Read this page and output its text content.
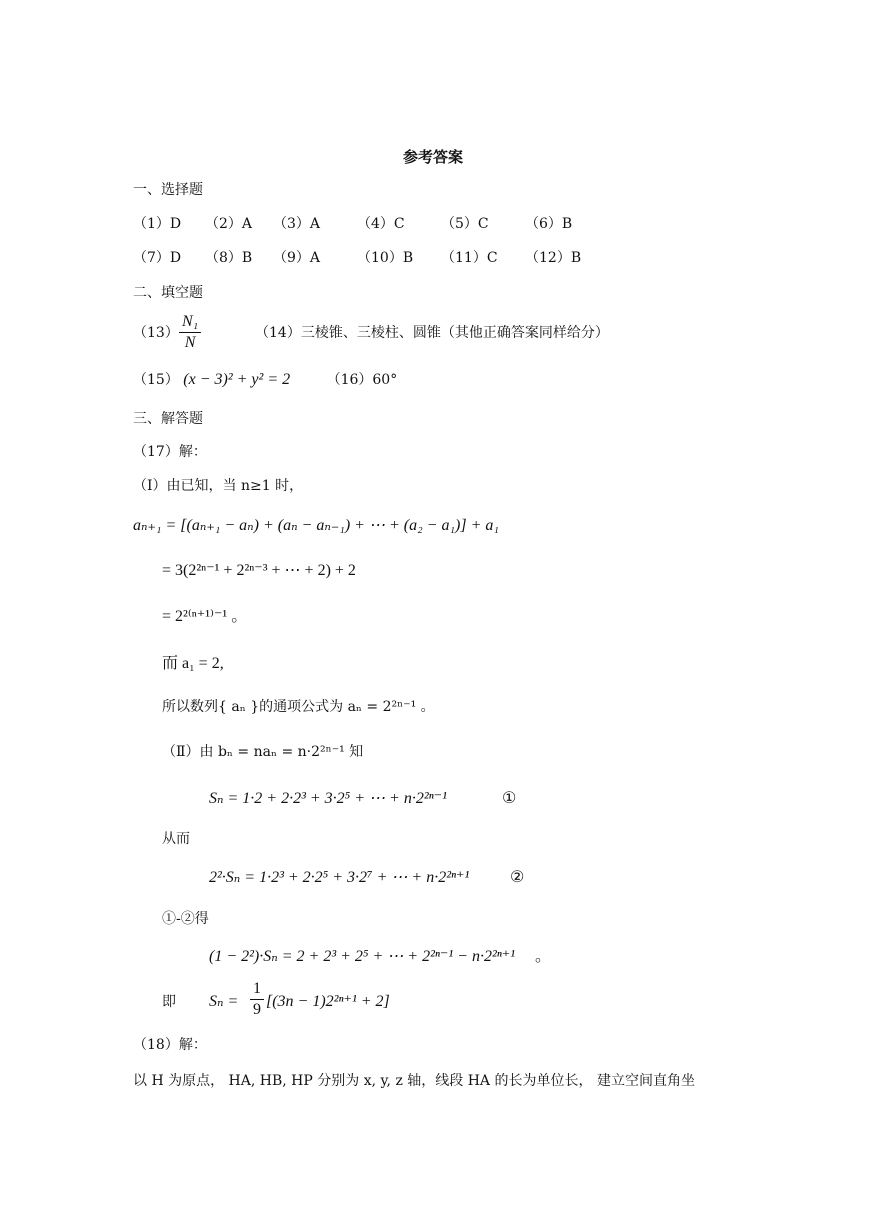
参考答案
一、选择题
（1）D （2）A （3）A	（4）C	（5）C	（6）B
（7）D （8）B （9）A	（10）B （11）C （12）B
二、填空题
$(13) \frac{\text{N₁}}{N}$	（14）三棱锥、三棱柱、圆锥（其他正确答案同样给分）
（15） (x − 3)² + y² = 2	（16）60°
三、解答题
（17）解：
（Ⅰ）由已知，当 n≥1 时，
aₙ₊₁ = [(aₙ₊₁ − aₙ) + (aₙ − aₙ₋₁) + ⋯ + (a₂ − a₁)] + a₁
= 3(2²ⁿ⁻¹ + 2²ⁿ⁻³ + ⋯ + 2) + 2
= 2²⁽ⁿ⁺¹⁾⁻¹ 。
而 a₁ = 2,
所以数列{ aₙ }的通项公式为 aₙ = 2²ⁿ⁻¹ 。
（Ⅱ）由 bₙ = naₙ = n·2²ⁿ⁻¹ 知
Sₙ = 1·2 + 2·2³ + 3·2⁵ + ⋯ + n·2²ⁿ⁻¹	①
从而
2²·Sₙ = 1·2³ + 2·2⁵ + 3·2⁷ + ⋯ + n·2²ⁿ⁺¹	②
①-②得
(1 − 2²)·Sₙ = 2 + 2³ + 2⁵ + ⋯ + 2²ⁿ⁻¹ − n·2²ⁿ⁺¹ 。
即 $S_n = \frac{1}{9} [(3n - 1)2^{2n+1} + 2]$
（18）解：
以 H 为原点， HA, HB, HP 分别为 x, y, z 轴，线段 HA 的长为单位长， 建立空间直角坐
